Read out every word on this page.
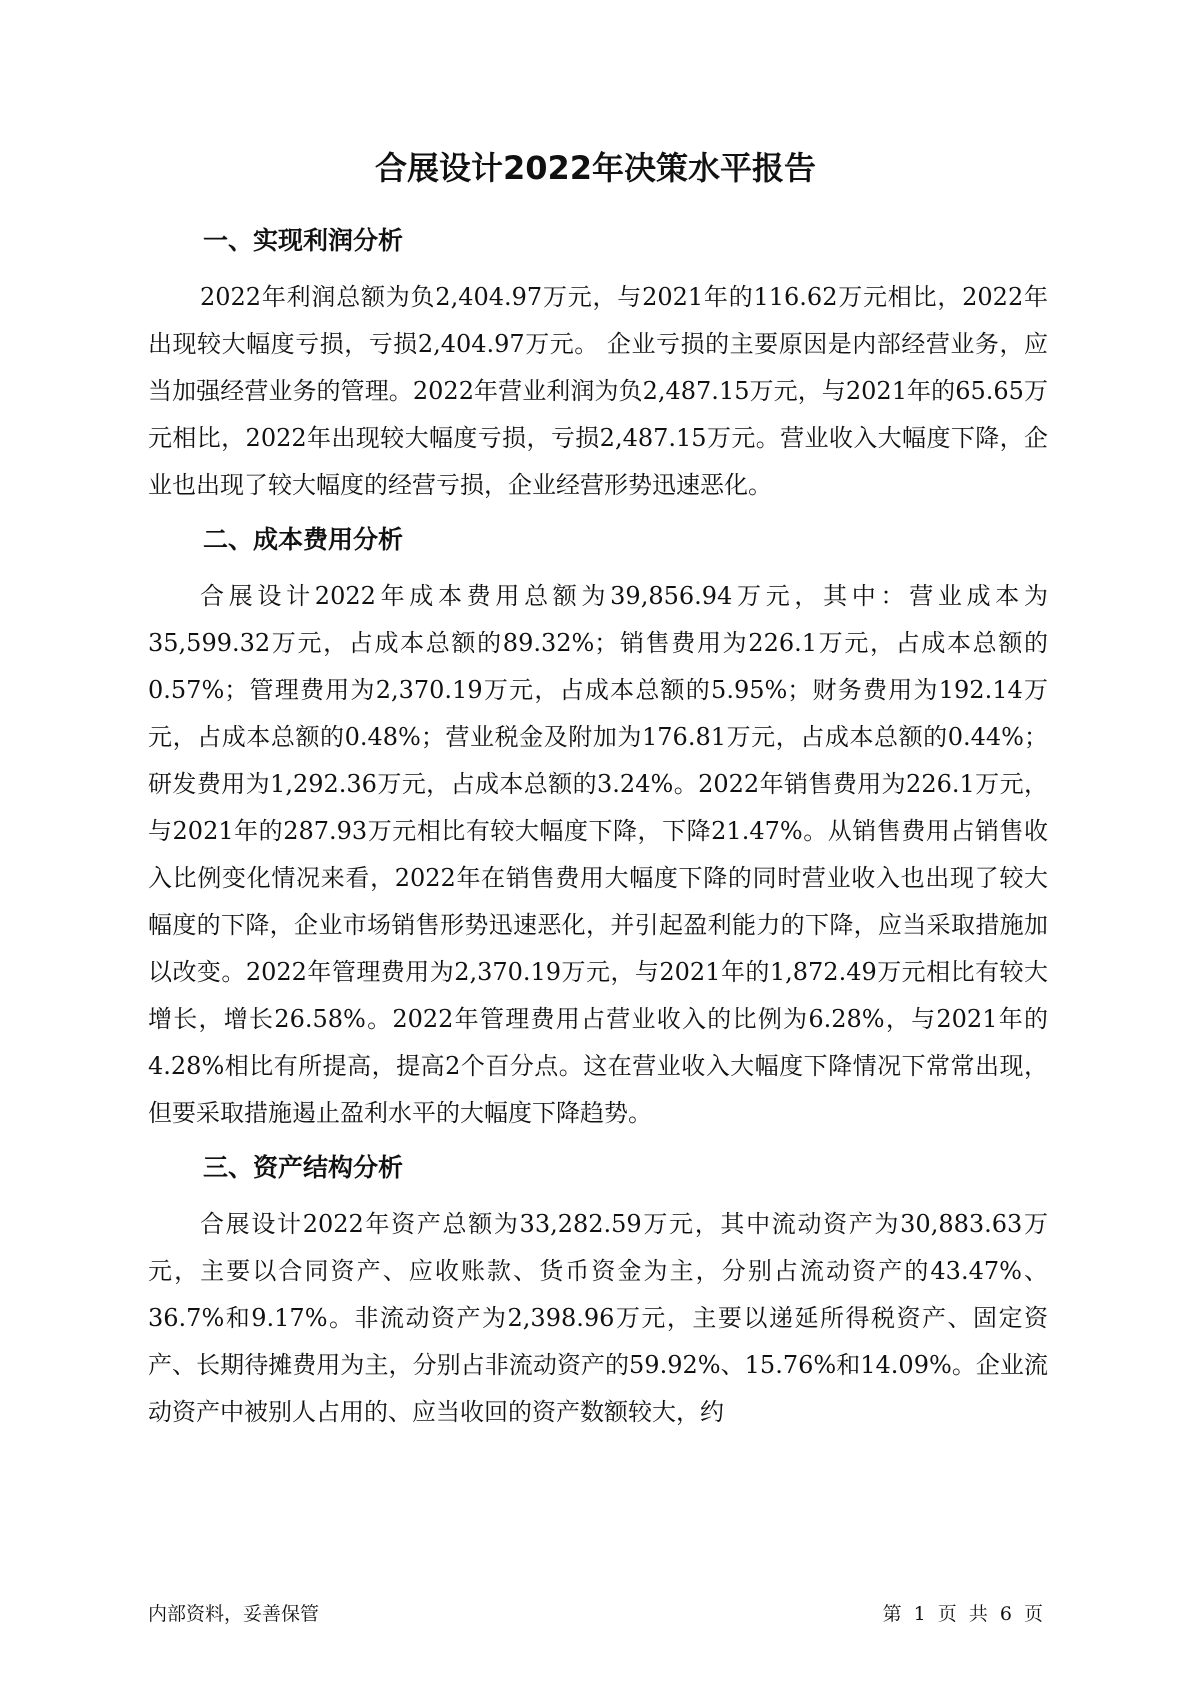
合展设计2022年决策水平报告
一、实现利润分析

2022年利润总额为负2,404.97万元，与2021年的116.62万元相比，2022年出现较大幅度亏损，亏损2,404.97万元。 企业亏损的主要原因是内部经营业务，应当加强经营业务的管理。2022年营业利润为负2,487.15万元，与2021年的65.65万元相比，2022年出现较大幅度亏损，亏损2,487.15万元。营业收入大幅度下降，企业也出现了较大幅度的经营亏损，企业经营形势迅速恶化。

二、成本费用分析

合展设计2022年成本费用总额为39,856.94万元，其中：营业成本为35,599.32万元，占成本总额的89.32%；销售费用为226.1万元，占成本总额的0.57%；管理费用为2,370.19万元，占成本总额的5.95%；财务费用为192.14万元，占成本总额的0.48%；营业税金及附加为176.81万元，占成本总额的0.44%；研发费用为1,292.36万元，占成本总额的3.24%。2022年销售费用为226.1万元，与2021年的287.93万元相比有较大幅度下降，下降21.47%。从销售费用占销售收入比例变化情况来看，2022年在销售费用大幅度下降的同时营业收入也出现了较大幅度的下降，企业市场销售形势迅速恶化，并引起盈利能力的下降，应当采取措施加以改变。2022年管理费用为2,370.19万元，与2021年的1,872.49万元相比有较大增长，增长26.58%。2022年管理费用占营业收入的比例为6.28%，与2021年的4.28%相比有所提高，提高2个百分点。这在营业收入大幅度下降情况下常常出现，但要采取措施遏止盈利水平的大幅度下降趋势。

三、资产结构分析

合展设计2022年资产总额为33,282.59万元，其中流动资产为30,883.63万元，主要以合同资产、应收账款、货币资金为主，分别占流动资产的43.47%、36.7%和9.17%。非流动资产为2,398.96万元，主要以递延所得税资产、固定资产、长期待摊费用为主，分别占非流动资产的59.92%、15.76%和14.09%。企业流动资产中被别人占用的、应当收回的资产数额较大，约

内部资料，妥善保管	第 1 页 共 6 页
